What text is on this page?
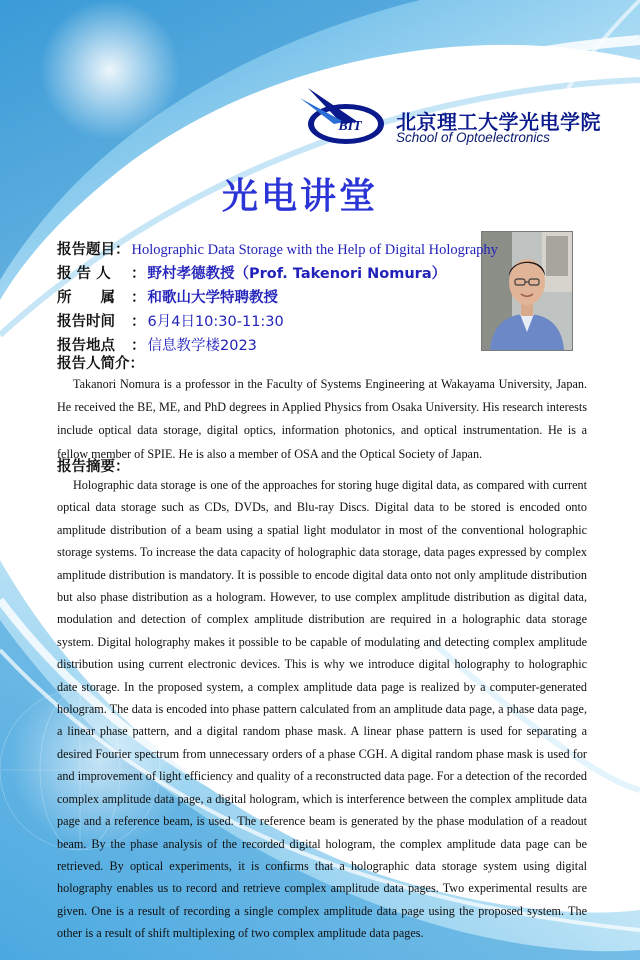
BIT 北京理工大学光电学院
School of Optoelectronics
光电讲堂
报告题目 ： Holographic Data Storage with the Help of Digital Holography
报 告 人	： 野村孝德教授（Prof. Takenori Nomura）
所　　属	： 和歌山大学特聘教授
报告时间	： 6月4日10:30-11:30
报告地点	： 信息教学楼2023
报告人简介：
Takanori Nomura is a professor in the Faculty of Systems Engineering at Wakayama University, Japan. He received the BE, ME, and PhD degrees in Applied Physics from Osaka University. His research interests include optical data storage, digital optics, information photonics, and optical instrumentation. He is a fellow member of SPIE. He is also a member of OSA and the Optical Society of Japan.
报告摘要：
Holographic data storage is one of the approaches for storing huge digital data, as compared with current optical data storage such as CDs, DVDs, and Blu-ray Discs. Digital data to be stored is encoded onto amplitude distribution of a beam using a spatial light modulator in most of the conventional holographic storage systems. To increase the data capacity of holographic data storage, data pages expressed by complex amplitude distribution is mandatory. It is possible to encode digital data onto not only amplitude distribution but also phase distribution as a hologram. However, to use complex amplitude distribution as digital data, modulation and detection of complex amplitude distribution are required in a holographic data storage system. Digital holography makes it possible to be capable of modulating and detecting complex amplitude distribution using current electronic devices. This is why we introduce digital holography to holographic date storage. In the proposed system, a complex amplitude data page is realized by a computer-generated hologram. The data is encoded into phase pattern calculated from an amplitude data page, a phase data page, a linear phase pattern, and a digital random phase mask. A linear phase pattern is used for separating a desired Fourier spectrum from unnecessary orders of a phase CGH. A digital random phase mask is used for and improvement of light efficiency and quality of a reconstructed data page. For a detection of the recorded complex amplitude data page, a digital hologram, which is interference between the complex amplitude data page and a reference beam, is used. The reference beam is generated by the phase modulation of a readout beam. By the phase analysis of the recorded digital hologram, the complex amplitude data page can be retrieved. By optical experiments, it is confirms that a holographic data storage system using digital holography enables us to record and retrieve complex amplitude data pages. Two experimental results are given. One is a result of recording a single complex amplitude data page using the proposed system. The other is a result of shift multiplexing of two complex amplitude data pages.
